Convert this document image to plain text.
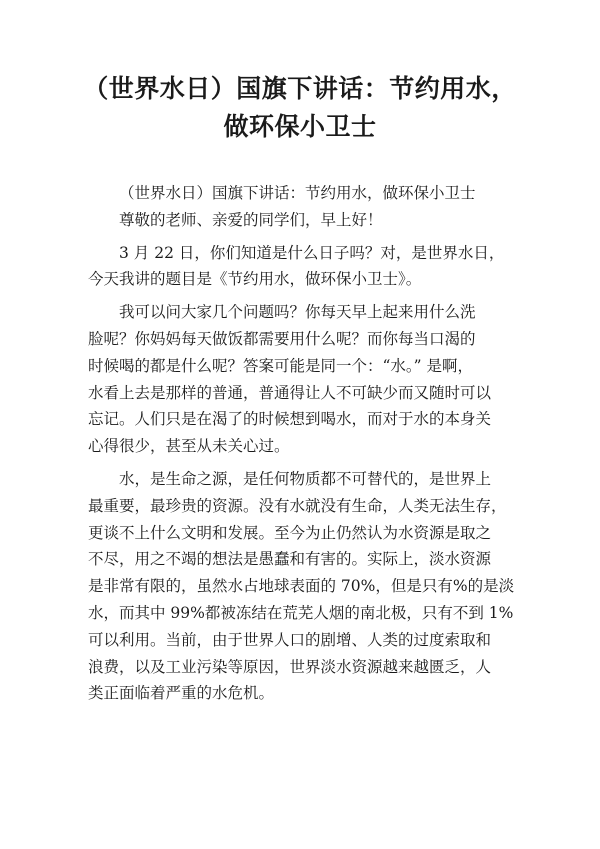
（世界水日）国旗下讲话：节约用水，
做环保小卫士

（世界水日）国旗下讲话：节约用水，做环保小卫士

尊敬的老师、亲爱的同学们，早上好！

3 月 22 日，你们知道是什么日子吗？对，是世界水日，
今天我讲的题目是《节约用水，做环保小卫士》。

我可以问大家几个问题吗？你每天早上起来用什么洗
脸呢？你妈妈每天做饭都需要用什么呢？而你每当口渴的
时候喝的都是什么呢？答案可能是同一个：“水。” 是啊，
水看上去是那样的普通，普通得让人不可缺少而又随时可以
忘记。人们只是在渴了的时候想到喝水，而对于水的本身关
心得很少，甚至从未关心过。

水，是生命之源，是任何物质都不可替代的，是世界上
最重要，最珍贵的资源。没有水就没有生命，人类无法生存，
更谈不上什么文明和发展。至今为止仍然认为水资源是取之
不尽，用之不竭的想法是愚蠢和有害的。实际上，淡水资源
是非常有限的，虽然水占地球表面的 70%，但是只有%的是淡
水，而其中 99%都被冻结在荒芜人烟的南北极，只有不到 1%
可以利用。当前，由于世界人口的剧增、人类的过度索取和
浪费，以及工业污染等原因，世界淡水资源越来越匮乏，人
类正面临着严重的水危机。
